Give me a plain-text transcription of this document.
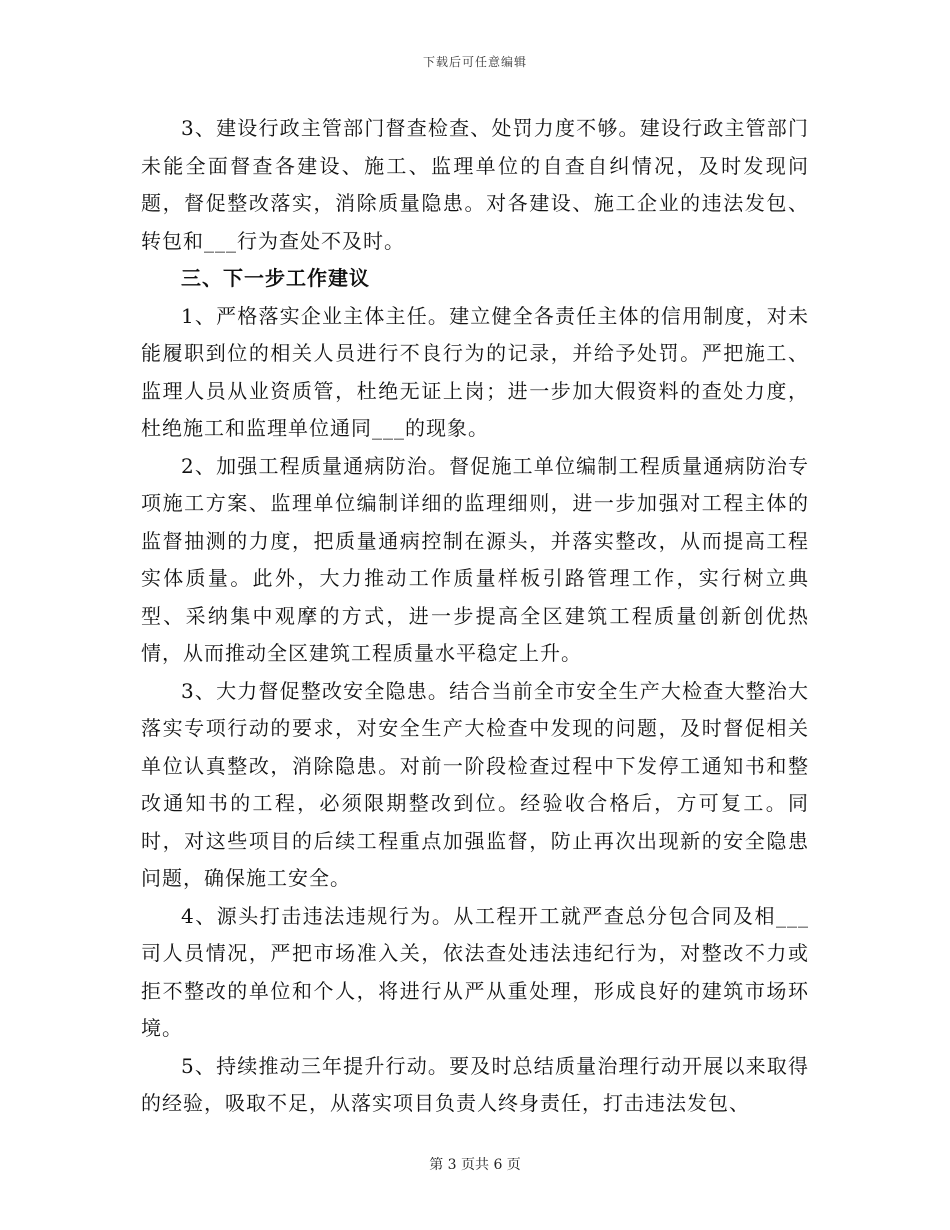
下载后可任意编辑

3、建设行政主管部门督查检查、处罚力度不够。建设行政主管部门未能全面督查各建设、施工、监理单位的自查自纠情况，及时发现问题，督促整改落实，消除质量隐患。对各建设、施工企业的违法发包、转包和___行为查处不及时。

三、下一步工作建议

1、严格落实企业主体主任。建立健全各责任主体的信用制度，对未能履职到位的相关人员进行不良行为的记录，并给予处罚。严把施工、监理人员从业资质管，杜绝无证上岗；进一步加大假资料的查处力度，杜绝施工和监理单位通同___的现象。

2、加强工程质量通病防治。督促施工单位编制工程质量通病防治专项施工方案、监理单位编制详细的监理细则，进一步加强对工程主体的监督抽测的力度，把质量通病控制在源头，并落实整改，从而提高工程实体质量。此外，大力推动工作质量样板引路管理工作，实行树立典型、采纳集中观摩的方式，进一步提高全区建筑工程质量创新创优热情，从而推动全区建筑工程质量水平稳定上升。

3、大力督促整改安全隐患。结合当前全市安全生产大检查大整治大落实专项行动的要求，对安全生产大检查中发现的问题，及时督促相关单位认真整改，消除隐患。对前一阶段检查过程中下发停工通知书和整改通知书的工程，必须限期整改到位。经验收合格后，方可复工。同时，对这些项目的后续工程重点加强监督，防止再次出现新的安全隐患问题，确保施工安全。

4、源头打击违法违规行为。从工程开工就严查总分包合同及相___司人员情况，严把市场准入关，依法查处违法违纪行为，对整改不力或拒不整改的单位和个人，将进行从严从重处理，形成良好的建筑市场环境。

5、持续推动三年提升行动。要及时总结质量治理行动开展以来取得的经验，吸取不足，从落实项目负责人终身责任，打击违法发包、

第 3 页共 6 页
